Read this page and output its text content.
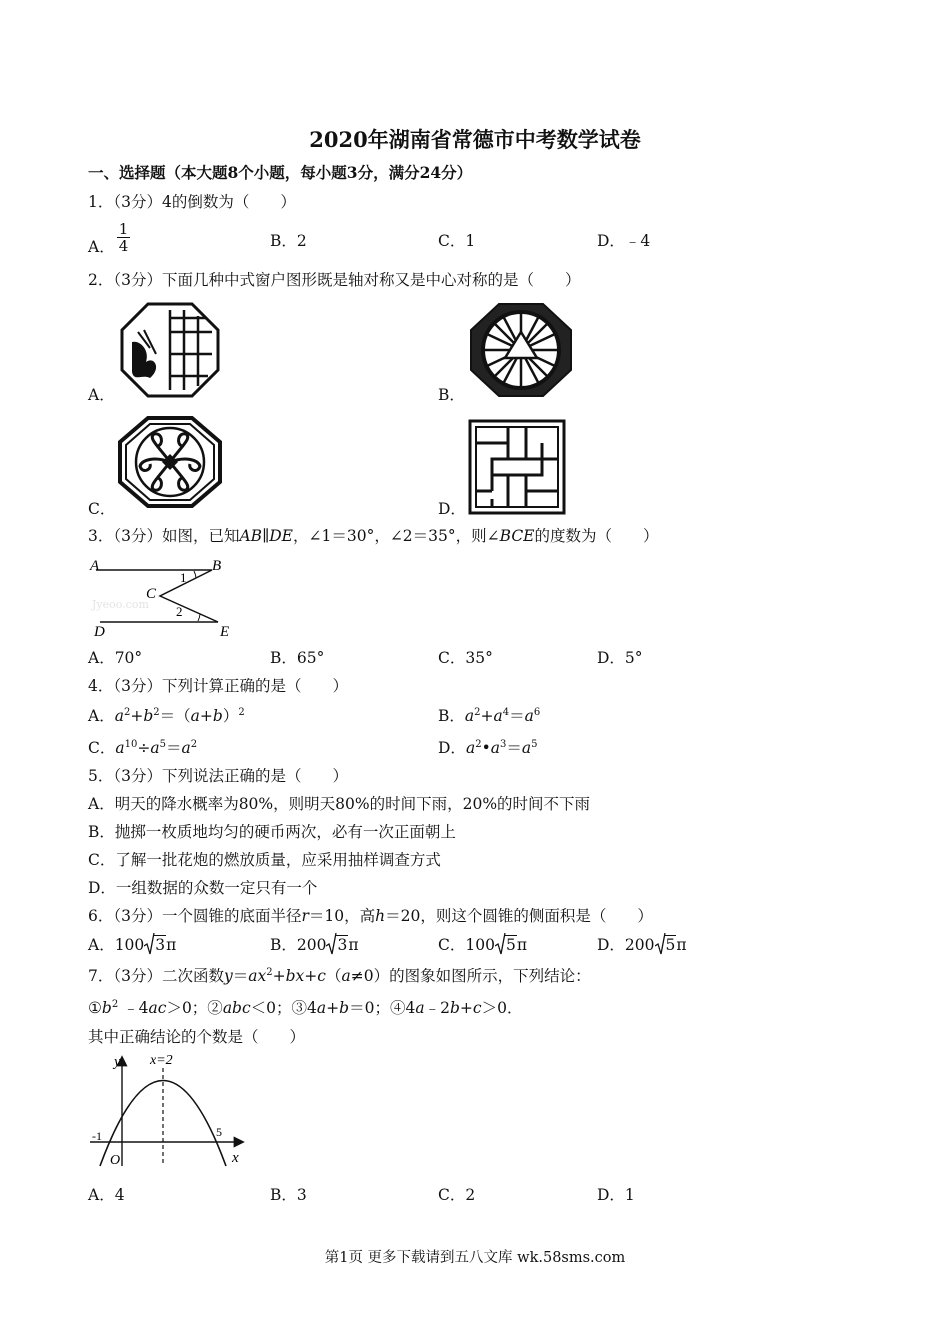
2020年湖南省常德市中考数学试卷
一、选择题（本大题8个小题，每小题3分，满分24分）
1．（3分）4的倒数为（　　）
A． $\frac{1}{4}$	B．2	C．1	D．﹣4
2．（3分）下面几种中式窗户图形既是轴对称又是中心对称的是（　　）
A．	B．
C．	D．
3．（3分）如图，已知AB∥DE，∠1＝30°，∠2＝35°，则∠BCE的度数为（　　）
A	B
C
D	E
1
2
Jyeoo.com
A．70°	B．65°	C．35°	D．5°
4．（3分）下列计算正确的是（　　）
A．$a^2+b^2=(a+b)^2$	B．$a^2+a^4=a^6$
C．$a^{10}\div a^5=a^2$	D．$a^2•a^3=a^5$
5．（3分）下列说法正确的是（　　）
A．明天的降水概率为80%，则明天80%的时间下雨，20%的时间不下雨
B．抛掷一枚质地均匀的硬币两次，必有一次正面朝上
C．了解一批花炮的燃放质量，应采用抽样调查方式
D．一组数据的众数一定只有一个
6．（3分）一个圆锥的底面半径r＝10，高h＝20，则这个圆锥的侧面积是（　　）
A．100 3π	B．200 3π	C．100 5π	D．200 5π
7．（3分）二次函数$y=ax^2+bx+c(a\ne 0)$的图象如图所示，下列结论：
$①b^2$ ﹣4ac＞0；②abc＜0；③4a+b＝0；④4a﹣2b+c＞0．
其中正确结论的个数是（　　）
y
x
O
-1	5
x=2
A．4	B．3	C．2	D．1
第1页 更多下载请到五八文库 wk.58sms.com
